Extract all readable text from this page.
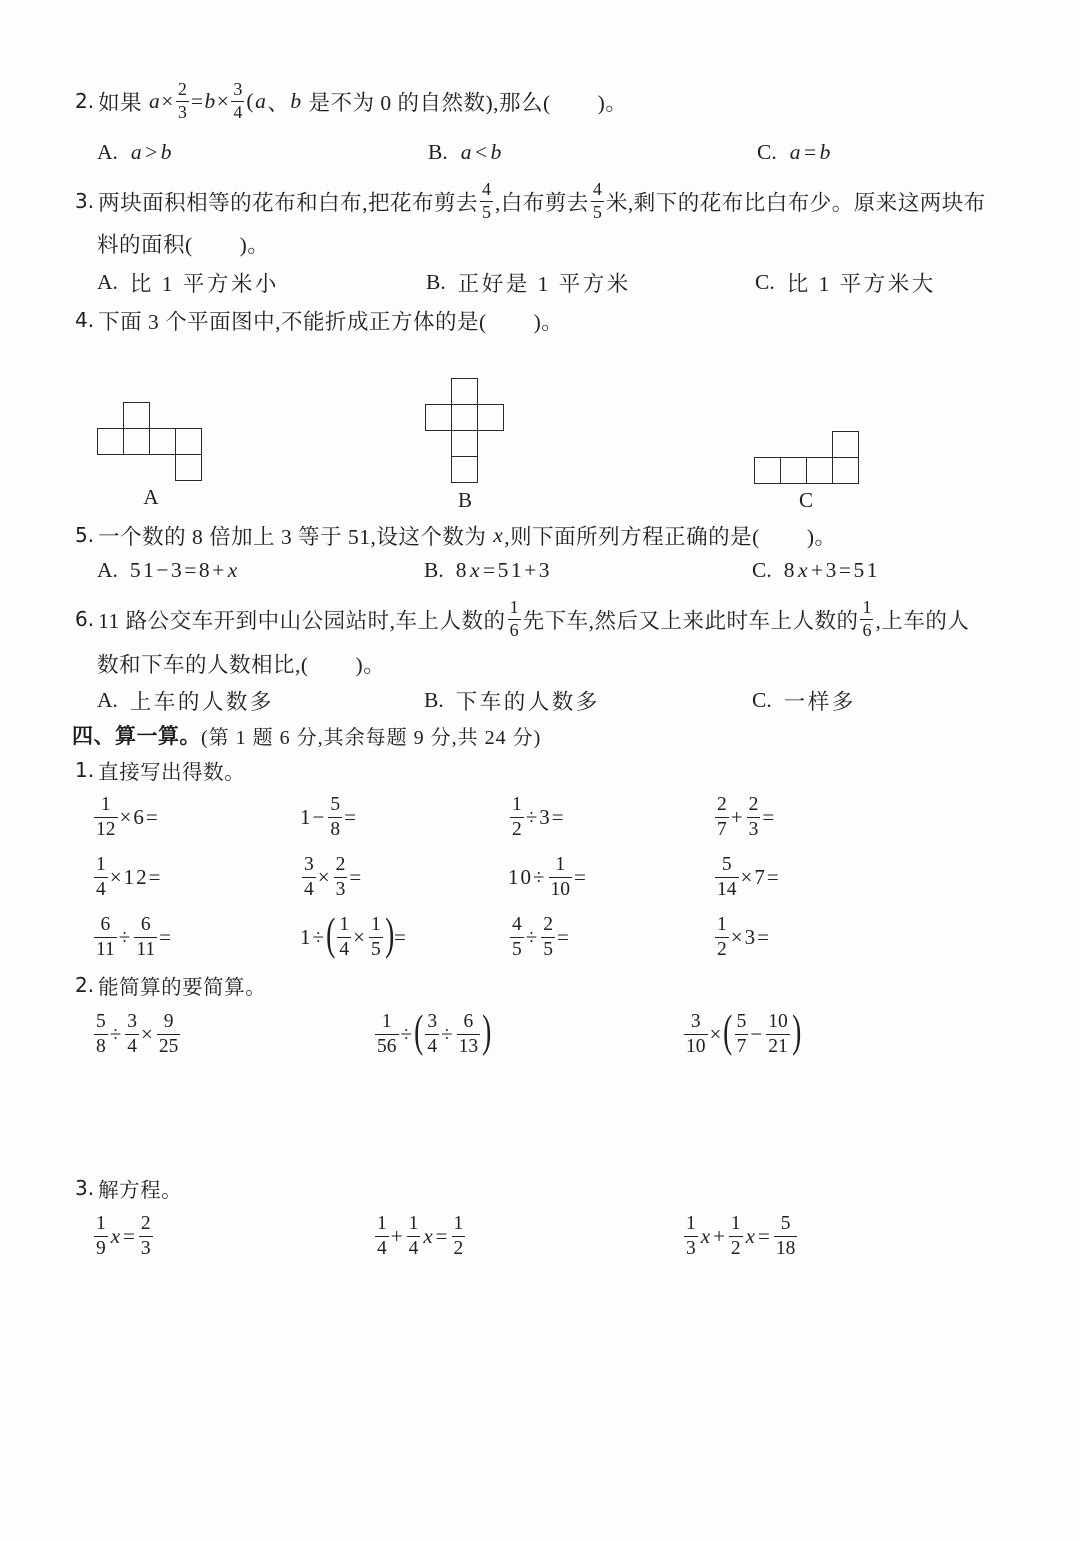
2. 如果 $a \times \frac{2}{3} = b \times \frac{3}{4}$ ( a 、 b 是不为 0 的自然数),那么(        )。
A. a > b	B. a < b	C. a = b
3. 两块面积相等的花布和白布,把花布剪去 $\frac{4}{5}$ ,白布剪去 $\frac{4}{5}$ 米,剩下的花布比白布少。原来这两块布
料的面积(        )。
A. 比 1 平方米小	B. 正好是 1 平方米	C. 比 1 平方米大
4. 下面 3 个平面图中,不能折成正方体的是(        )。
A	B	C
5. 一个数的 8 倍加上 3 等于 51,设这个数为 x ,则下面所列方程正确的是(        )。
A. 51−3=8+ x	B. 8 x =51+3	C. 8 x +3=51
6. 11 路公交车开到中山公园站时,车上人数的 $\frac{1}{6}$ 先下车,然后又上来此时车上人数的 $\frac{1}{6}$ ,上车的人
数和下车的人数相比,(        )。
A. 上车的人数多	B. 下车的人数多	C. 一样多
四、算一算。 (第 1 题 6 分,其余每题 9 分,共 24 分)
1. 直接写出得数。
$\frac{1}{12} \times 6=$	$1- \frac{5}{8}$ =	$\frac{1}{2} \div 3=$	$\frac{2}{7} + \frac{2}{3}$ =
$\frac{1}{4} \times 12=$	$\frac{3}{4} \times \frac{2}{3}$ =	$10\div \frac{1}{10}$ =	$\frac{5}{14} \times 7=$
$\frac{6}{11} \div \frac{6}{11}$ =	1÷ ( $\frac{1}{4} \times \frac{1}{5}$ ) =	$\frac{4}{5} \div \frac{2}{5}$ =	$\frac{1}{2} \times 3=$
2. 能简算的要简算。
$\frac{5}{8} \div \frac{3}{4} \times \frac{9}{25}$	$\frac{1}{56}$ ÷ ( $\frac{3}{4} \div \frac{6}{13}$ )	$\frac{3}{10}$ × ( $\frac{5}{7} - \frac{10}{21}$ )
3. 解方程。
$\frac{1}{9}$ $x = \frac{2}{3}$	$\frac{1}{4} + \frac{1}{4}$ $x = \frac{1}{2}$	$\frac{1}{3}$ $x + \frac{1}{2}$ $x = \frac{5}{18}$
